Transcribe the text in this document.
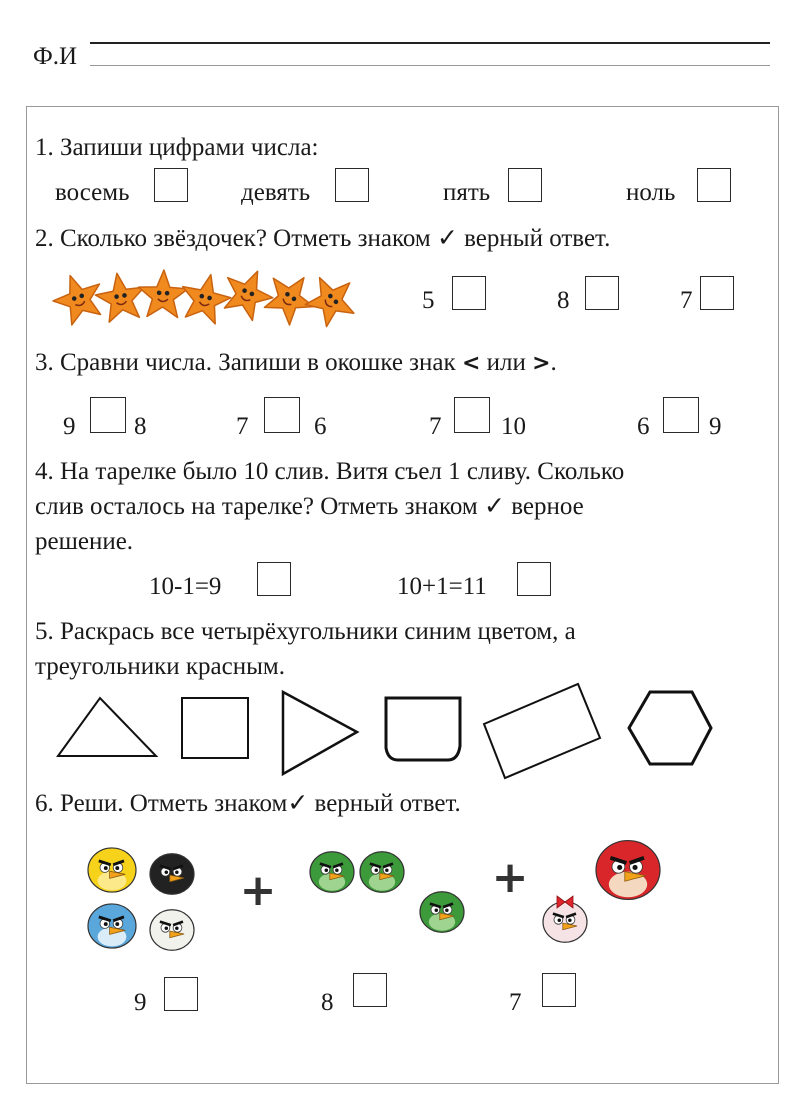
Ф.И
1. Запиши цифрами числа:
восемь	девять	пять	ноль
2. Сколько звёздочек? Отметь знаком ✓ верный ответ.
5	8	7
3. Сравни числа. Запиши в окошке знак < или >.
9 8	7	6	7 10	6 9
4. На тарелке было 10 слив. Витя съел 1 сливу. Сколько
слив осталось на тарелке? Отметь знаком ✓ верное
решение.
10-1=9	10+1=11
5. Раскрась все четырёхугольники синим цветом, а
треугольники красным.
6. Реши. Отметь знаком✓ верный ответ.
+	+
9	8	7
